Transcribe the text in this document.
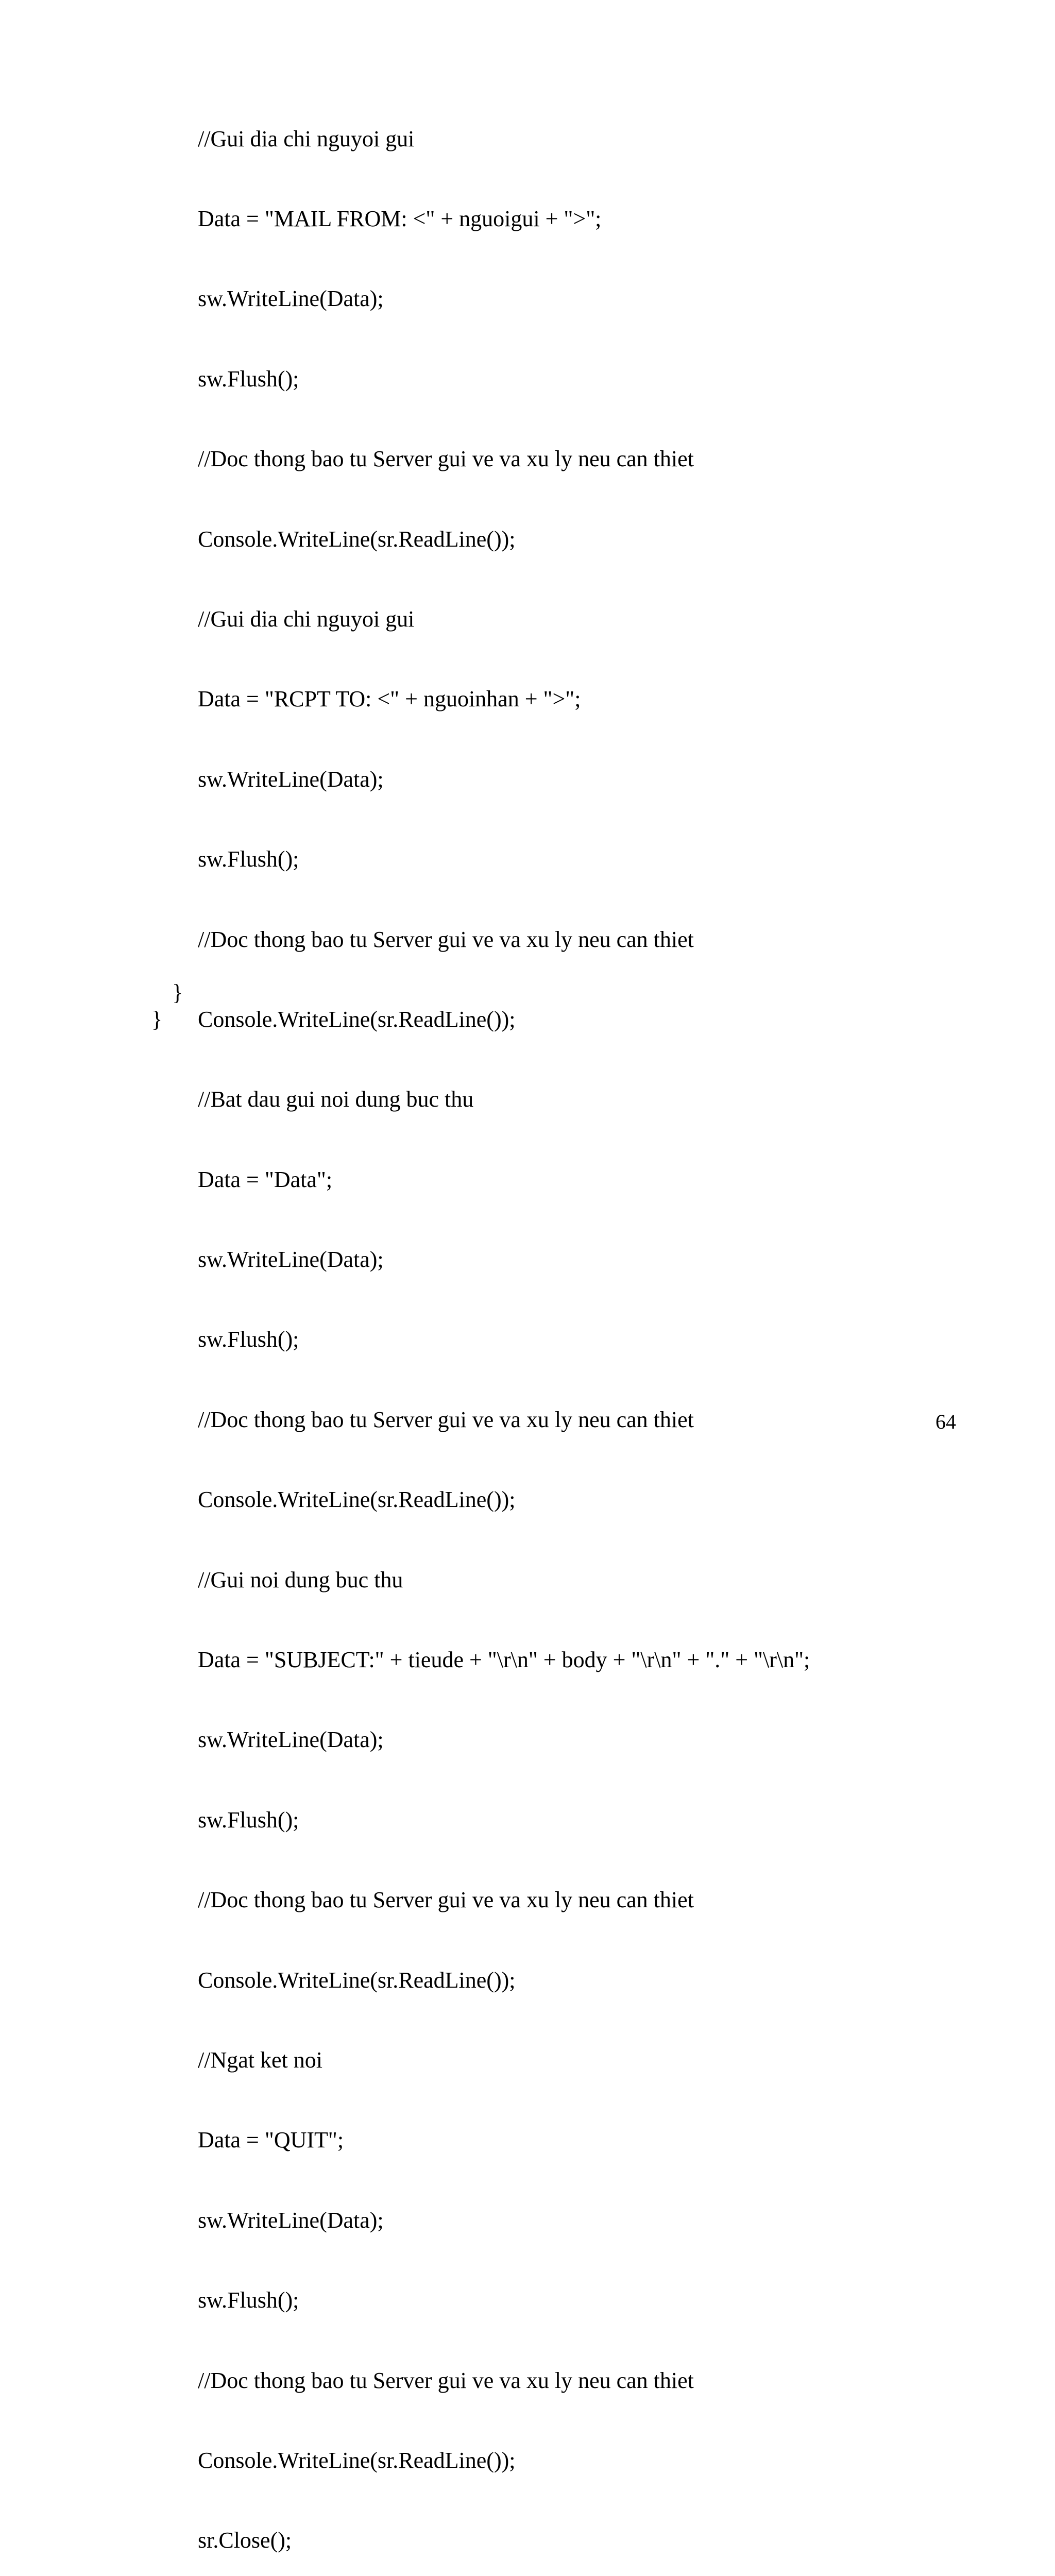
//Gui dia chi nguyoi gui

Data = "MAIL FROM: <" + nguoigui + ">";

sw.WriteLine(Data);

sw.Flush();

//Doc thong bao tu Server gui ve va xu ly neu can thiet

Console.WriteLine(sr.ReadLine());

//Gui dia chi nguyoi gui

Data = "RCPT TO: <" + nguoinhan + ">";

sw.WriteLine(Data);

sw.Flush();

//Doc thong bao tu Server gui ve va xu ly neu can thiet

Console.WriteLine(sr.ReadLine());

//Bat dau gui noi dung buc thu

Data = "Data";

sw.WriteLine(Data);

sw.Flush();

//Doc thong bao tu Server gui ve va xu ly neu can thiet

Console.WriteLine(sr.ReadLine());

//Gui noi dung buc thu

Data = "SUBJECT:" + tieude + "\r\n" + body + "\r\n" + "." + "\r\n";

sw.WriteLine(Data);

sw.Flush();

//Doc thong bao tu Server gui ve va xu ly neu can thiet

Console.WriteLine(sr.ReadLine());

//Ngat ket noi

Data = "QUIT";

sw.WriteLine(Data);

sw.Flush();

//Doc thong bao tu Server gui ve va xu ly neu can thiet

Console.WriteLine(sr.ReadLine());

sr.Close();

}
}
64
